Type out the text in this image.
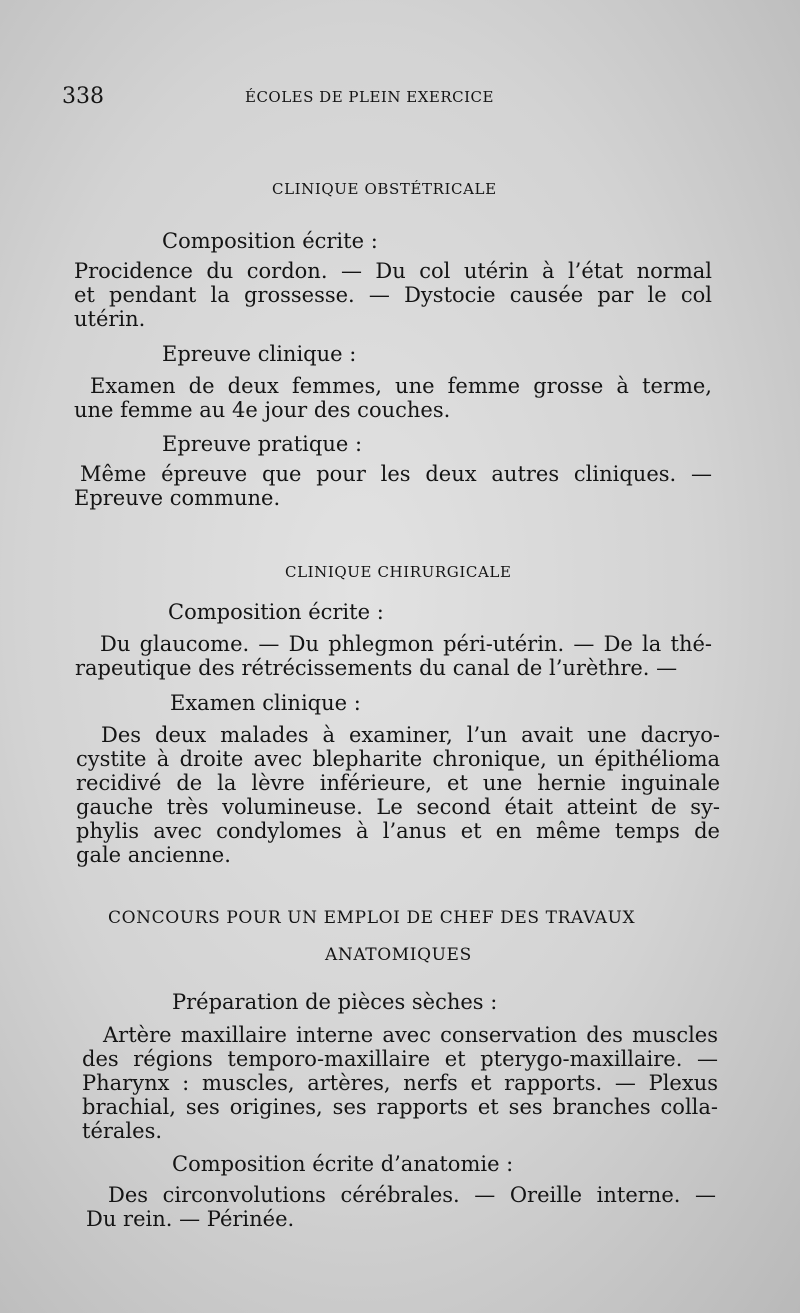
338	ÉCOLES DE PLEIN EXERCICE
CLINIQUE OBSTÉTRICALE
Composition écrite :
Procidence du cordon. — Du col utérin à l’état normal
et pendant la grossesse. — Dystocie causée par le col
utérin.
Epreuve clinique :
Examen de deux femmes, une femme grosse à terme,
une femme au 4e jour des couches.
Epreuve pratique :
Même épreuve que pour les deux autres cliniques. —
Epreuve commune.
CLINIQUE CHIRURGICALE
Composition écrite :
Du glaucome. — Du phlegmon péri-utérin. — De la thé-
rapeutique des rétrécissements du canal de l’urèthre. —
Examen clinique :
Des deux malades à examiner, l’un avait une dacryo-
cystite à droite avec blepharite chronique, un épithélioma
recidivé de la lèvre inférieure, et une hernie inguinale
gauche très volumineuse. Le second était atteint de sy-
phylis avec condylomes à l’anus et en même temps de
gale ancienne.
CONCOURS POUR UN EMPLOI DE CHEF DES TRAVAUX
ANATOMIQUES
Préparation de pièces sèches :
Artère maxillaire interne avec conservation des muscles
des régions temporo-maxillaire et pterygo-maxillaire. —
Pharynx : muscles, artères, nerfs et rapports. — Plexus
brachial, ses origines, ses rapports et ses branches colla-
térales.
Composition écrite d’anatomie :
Des circonvolutions cérébrales. — Oreille interne. —
Du rein. — Périnée.
